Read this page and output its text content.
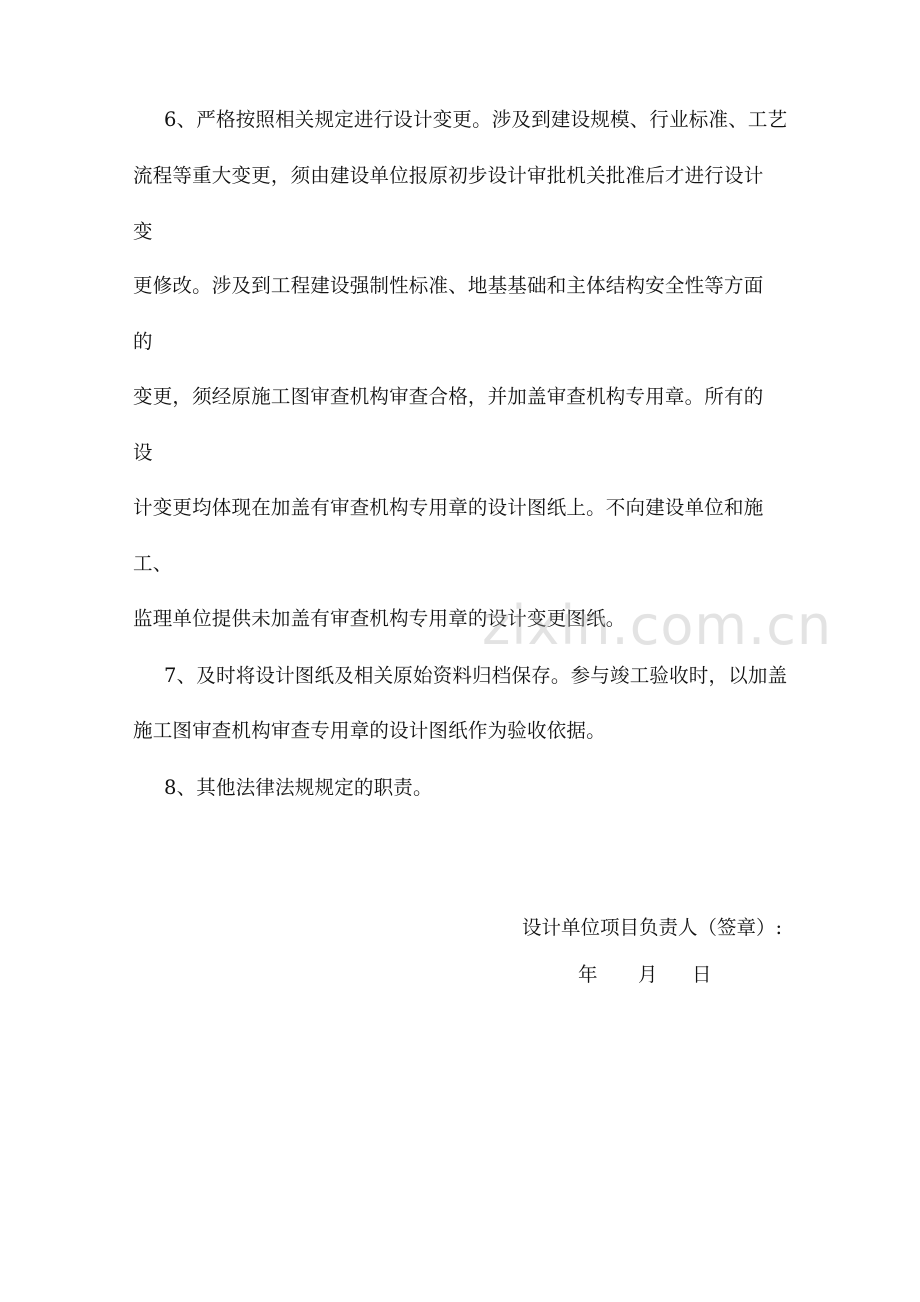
6、严格按照相关规定进行设计变更。涉及到建设规模、行业标准、工艺
流程等重大变更，须由建设单位报原初步设计审批机关批准后才进行设计
变
更修改。涉及到工程建设强制性标准、地基基础和主体结构安全性等方面
的
变更，须经原施工图审查机构审查合格，并加盖审查机构专用章。所有的
设
计变更均体现在加盖有审查机构专用章的设计图纸上。不向建设单位和施
工、
监理单位提供未加盖有审查机构专用章的设计变更图纸。
7、及时将设计图纸及相关原始资料归档保存。参与竣工验收时，以加盖
施工图审查机构审查专用章的设计图纸作为验收依据。
8、其他法律法规规定的职责。
设计单位项目负责人（签章）:
年 月 日
zixin.com.cn
